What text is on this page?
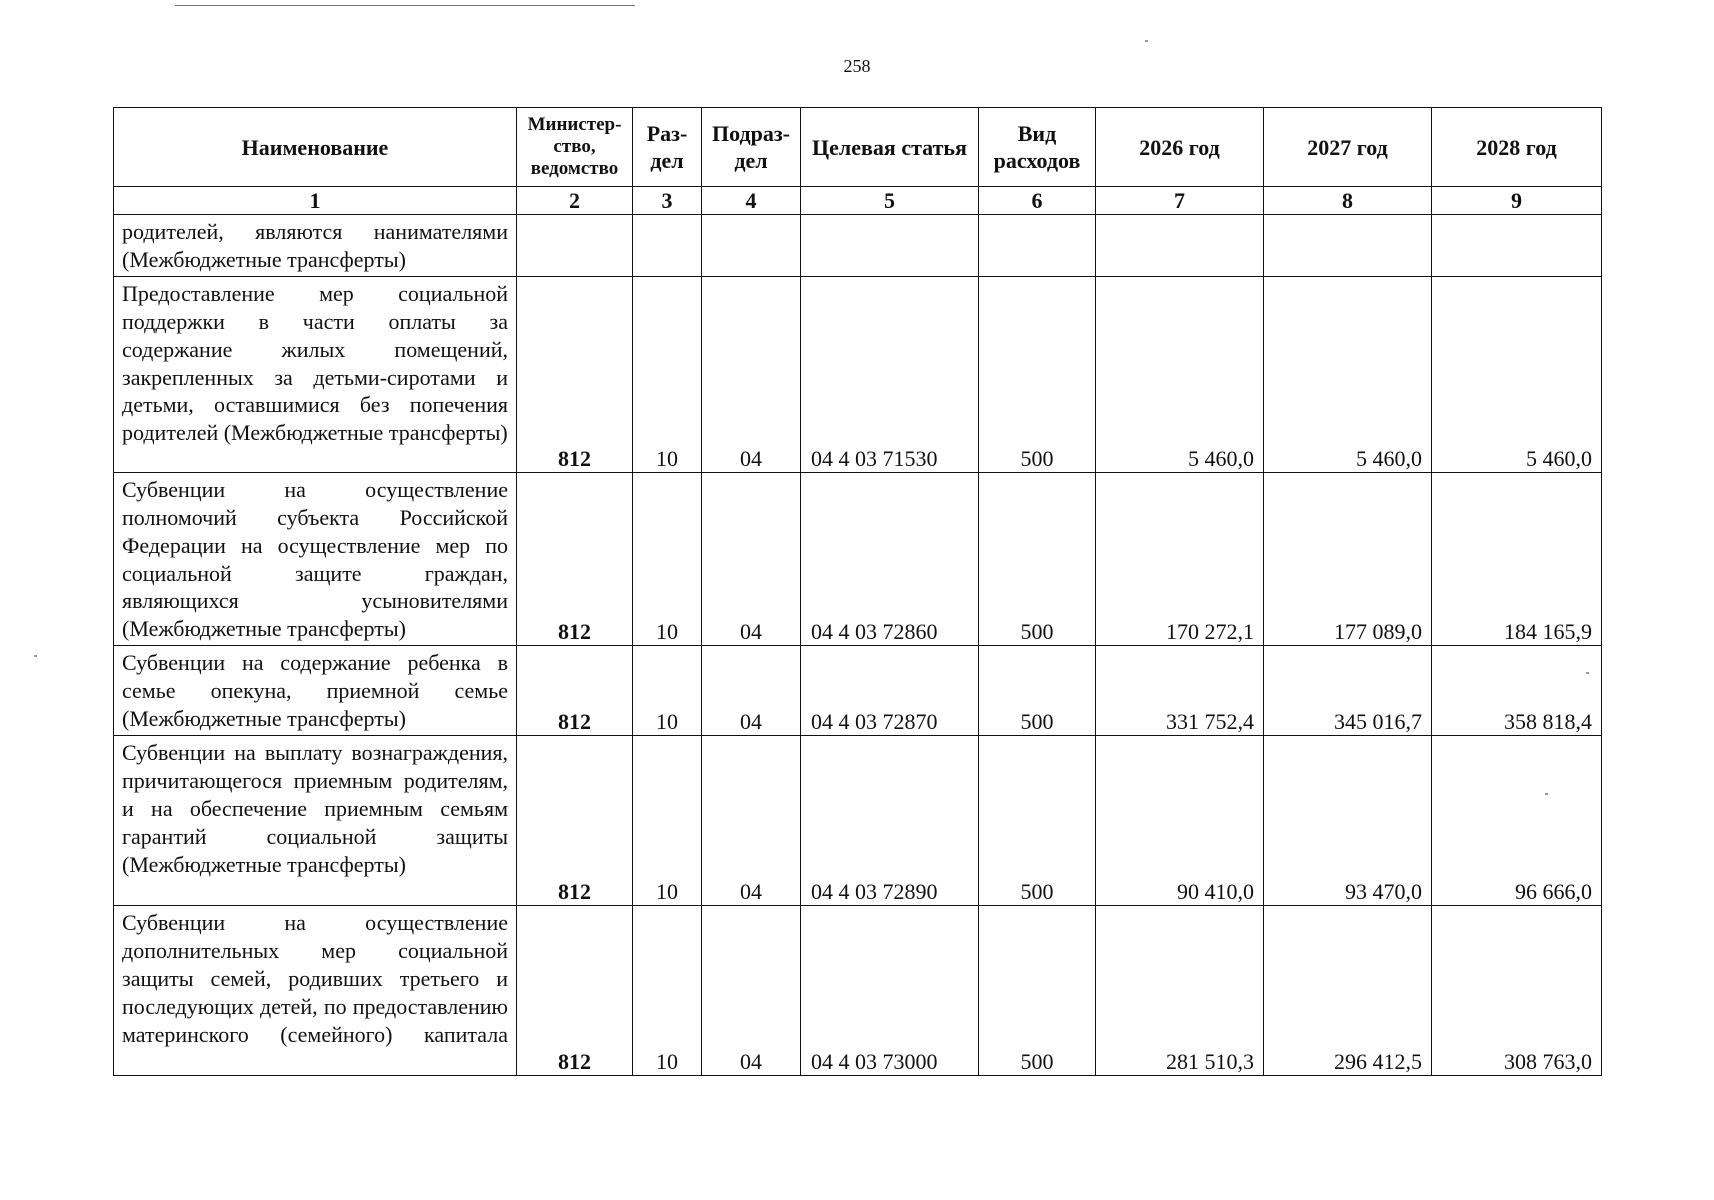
258
Наименование	Министер-ство, ведомство	Раз-дел	Подраз-дел	Целевая статья	Вид расходов	2026 год	2027 год	2028 год
1	2	3	4	5	6	7	8	9
родителей, являются нанимателями (Межбюджетные трансферты)								
Предоставление мер социальной поддержки в части оплаты за содержание жилых помещений, закрепленных за детьми-сиротами и детьми, оставшимися без попечения родителей (Межбюджетные трансферты)	812	10	04	04 4 03 71530	500	5 460,0	5 460,0	5 460,0
Субвенции на осуществление полномочий субъекта Российской Федерации на осуществление мер по социальной защите граждан, являющихся усыновителями (Межбюджетные трансферты)	812	10	04	04 4 03 72860	500	170 272,1	177 089,0	184 165,9
Субвенции на содержание ребенка в семье опекуна, приемной семье (Межбюджетные трансферты)	812	10	04	04 4 03 72870	500	331 752,4	345 016,7	358 818,4
Субвенции на выплату вознаграждения, причитающегося приемным родителям, и на обеспечение приемным семьям гарантий социальной защиты (Межбюджетные трансферты)	812	10	04	04 4 03 72890	500	90 410,0	93 470,0	96 666,0
Субвенции на осуществление дополнительных мер социальной защиты семей, родивших третьего и последующих детей, по предоставлению материнского (семейного) капитала	812	10	04	04 4 03 73000	500	281 510,3	296 412,5	308 763,0
